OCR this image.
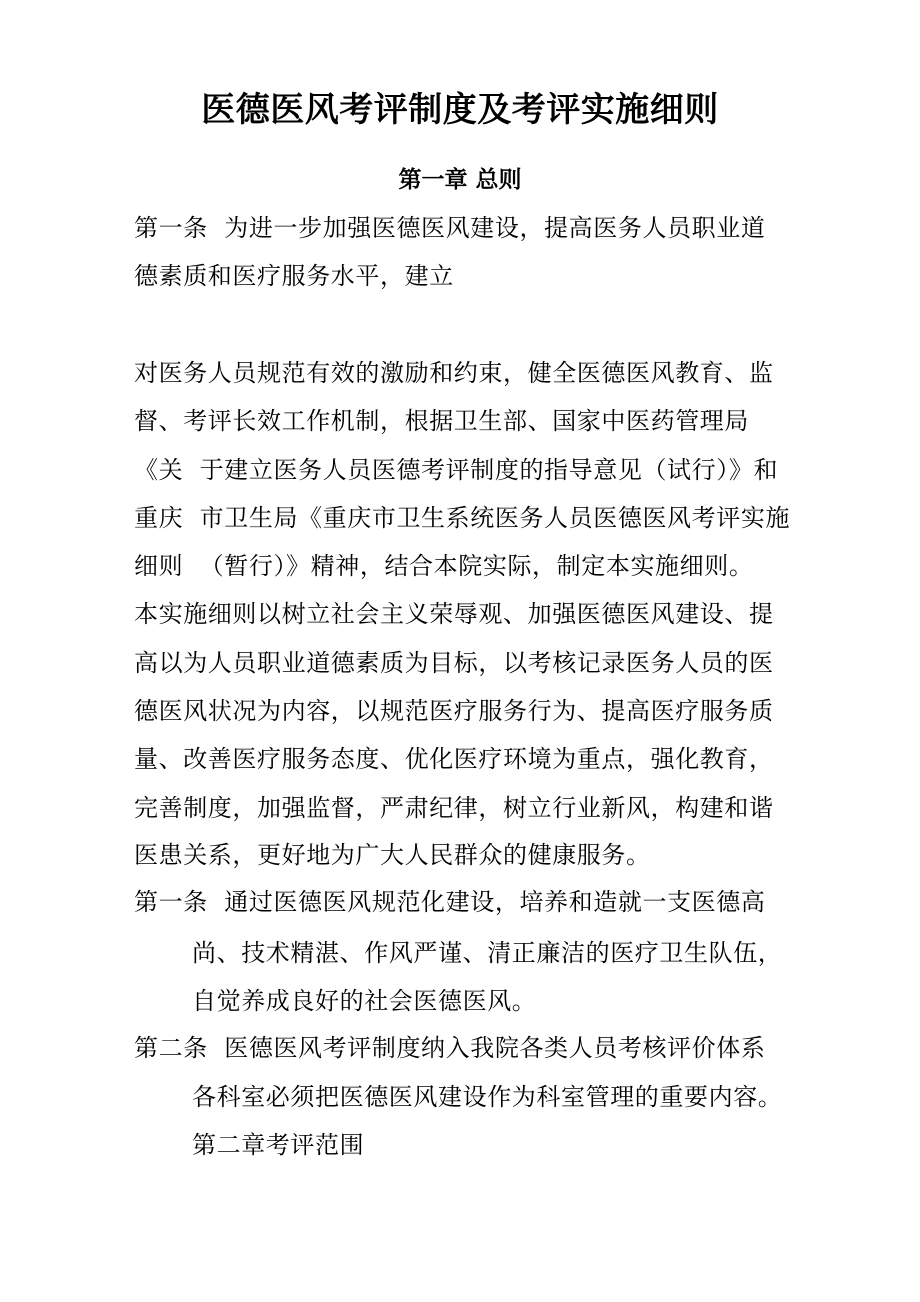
医德医风考评制度及考评实施细则
第一章 总则
第一条  为进一步加强医德医风建设，提高医务人员职业道
德素质和医疗服务水平，建立
对医务人员规范有效的激励和约束，健全医德医风教育、监
督、考评长效工作机制，根据卫生部、国家中医药管理局
《关  于建立医务人员医德考评制度的指导意见（试行）》和
重庆  市卫生局《重庆市卫生系统医务人员医德医风考评实施
细则  （暂行）》精神，结合本院实际，制定本实施细则。
本实施细则以树立社会主义荣辱观、加强医德医风建设、提
高以为人员职业道德素质为目标，以考核记录医务人员的医
德医风状况为内容，以规范医疗服务行为、提高医疗服务质
量、改善医疗服务态度、优化医疗环境为重点，强化教育，
完善制度，加强监督，严肃纪律，树立行业新风，构建和谐
医患关系，更好地为广大人民群众的健康服务。
第一条  通过医德医风规范化建设，培养和造就一支医德高
尚、技术精湛、作风严谨、清正廉洁的医疗卫生队伍，
自觉养成良好的社会医德医风。
第二条  医德医风考评制度纳入我院各类人员考核评价体系
各科室必须把医德医风建设作为科室管理的重要内容。
第二章考评范围
